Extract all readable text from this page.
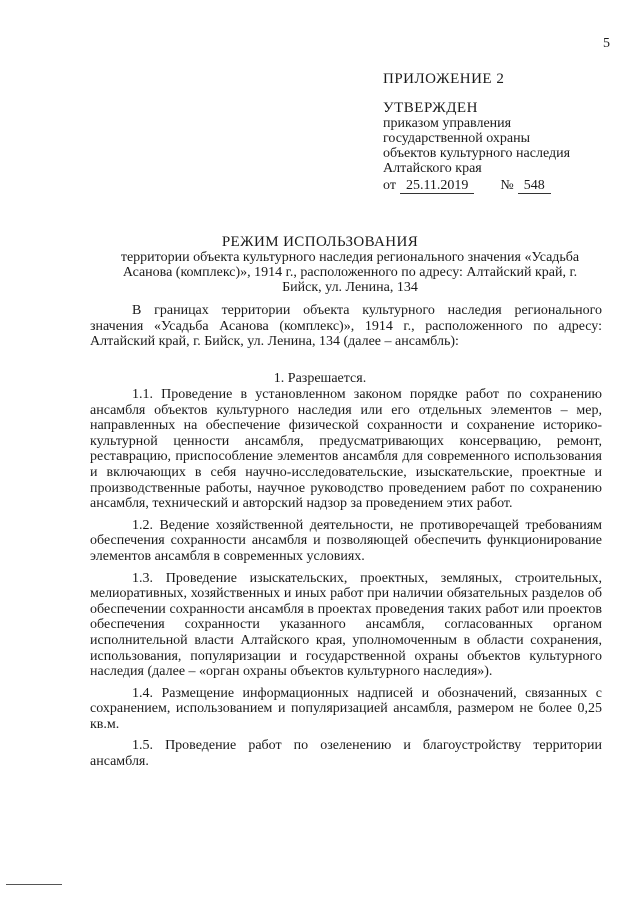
5
ПРИЛОЖЕНИЕ 2
УТВЕРЖДЕН
приказом управления
государственной охраны
объектов культурного наследия
Алтайского края
от 25.11.2019	№ 548
РЕЖИМ ИСПОЛЬЗОВАНИЯ
территории объекта культурного наследия регионального значения «Усадьба Асанова (комплекс)», 1914 г., расположенного по адресу: Алтайский край, г. Бийск, ул. Ленина, 134
В границах территории объекта культурного наследия регионального значения «Усадьба Асанова (комплекс)», 1914 г., расположенного по адресу: Алтайский край, г. Бийск, ул. Ленина, 134 (далее – ансамбль):
1. Разрешается.
1.1. Проведение в установленном законом порядке работ по сохранению ансамбля объектов культурного наследия или его отдельных элементов – мер, направленных на обеспечение физической сохранности и сохранение историко-культурной ценности ансамбля, предусматривающих консервацию, ремонт, реставрацию, приспособление элементов ансамбля для современного использования и включающих в себя научно-исследовательские, изыскательские, проектные и производственные работы, научное руководство проведением работ по сохранению ансамбля, технический и авторский надзор за проведением этих работ.
1.2. Ведение хозяйственной деятельности, не противоречащей требованиям обеспечения сохранности ансамбля и позволяющей обеспечить функционирование элементов ансамбля в современных условиях.
1.3. Проведение изыскательских, проектных, земляных, строительных, мелиоративных, хозяйственных и иных работ при наличии обязательных разделов об обеспечении сохранности ансамбля в проектах проведения таких работ или проектов обеспечения сохранности указанного ансамбля, согласованных органом исполнительной власти Алтайского края, уполномоченным в области сохранения, использования, популяризации и государственной охраны объектов культурного наследия (далее – «орган охраны объектов культурного наследия»).
1.4. Размещение информационных надписей и обозначений, связанных с сохранением, использованием и популяризацией ансамбля, размером не более 0,25 кв.м.
1.5. Проведение работ по озеленению и благоустройству территории ансамбля.
